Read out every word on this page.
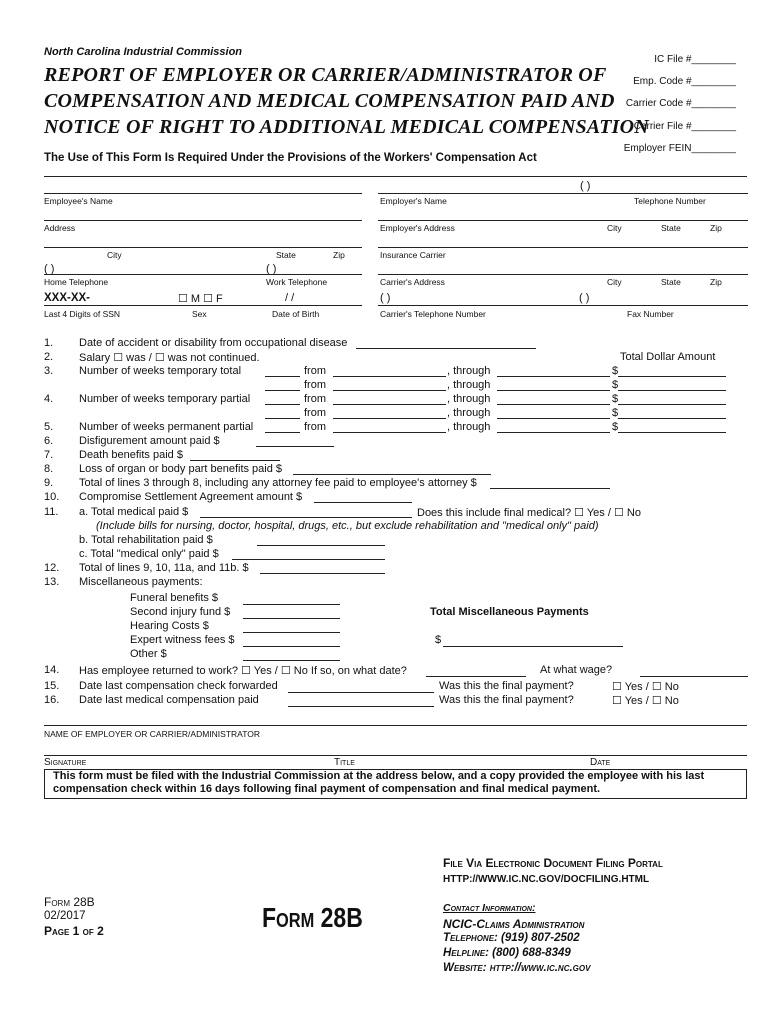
North Carolina Industrial Commission
REPORT OF EMPLOYER OR CARRIER/ADMINISTRATOR OF
COMPENSATION AND MEDICAL COMPENSATION PAID AND
NOTICE OF RIGHT TO ADDITIONAL MEDICAL COMPENSATION
The Use of This Form Is Required Under the Provisions of the Workers' Compensation Act
IC File #________
Emp. Code #________
Carrier Code #________
Carrier File #________
Employer FEIN________
( )
Employee's Name	Employer's Name	Telephone Number
Address	Employer's Address	City	State	Zip
City	State	Zip	Insurance Carrier
( )	( )
Home Telephone	Work Telephone	Carrier's Address	City	State	Zip
XXX-XX-	☐ M ☐ F	/ /	( )	( )
Last 4 Digits of SSN	Sex	Date of Birth	Carrier's Telephone Number	Fax Number
1. Date of accident or disability from occupational disease
2. Salary ☐ was / ☐ was not continued.	Total Dollar Amount
3. Number of weeks temporary total	from	, through	$
from	, through	$
4. Number of weeks temporary partial	from	, through	$
from	, through	$
5. Number of weeks permanent partial	from	, through	$
6. Disfigurement amount paid $
7. Death benefits paid $
8. Loss of organ or body part benefits paid $
9. Total of lines 3 through 8, including any attorney fee paid to employee's attorney $
10. Compromise Settlement Agreement amount $
11. a. Total medical paid $	Does this include final medical? ☐ Yes / ☐ No
(Include bills for nursing, doctor, hospital, drugs, etc., but exclude rehabilitation and "medical only" paid)
b. Total rehabilitation paid $
c. Total "medical only" paid $
12. Total of lines 9, 10, 11a, and 11b. $
13. Miscellaneous payments:
Funeral benefits $
Second injury fund $
Hearing Costs $
Expert witness fees $
Other $
Total Miscellaneous Payments
$
14. Has employee returned to work? ☐ Yes / ☐ No If so, on what date?	At what wage?
15. Date last compensation check forwarded	Was this the final payment?	☐ Yes / ☐ No
16. Date last medical compensation paid	Was this the final payment?	☐ Yes / ☐ No
NAME OF EMPLOYER OR CARRIER/ADMINISTRATOR
Signature	Title	Date
This form must be filed with the Industrial Commission at the address below, and a copy provided the employee with his last compensation check within 16 days following final payment of compensation and final medical payment.
File Via Electronic Document Filing Portal
HTTP://WWW.IC.NC.GOV/DOCFILING.HTML
Form 28B
02/2017
Page 1 of 2	Form 28B	Contact Information:
NCIC-Claims Administration
Telephone: (919) 807-2502
Helpline: (800) 688-8349
Website: http://www.ic.nc.gov
